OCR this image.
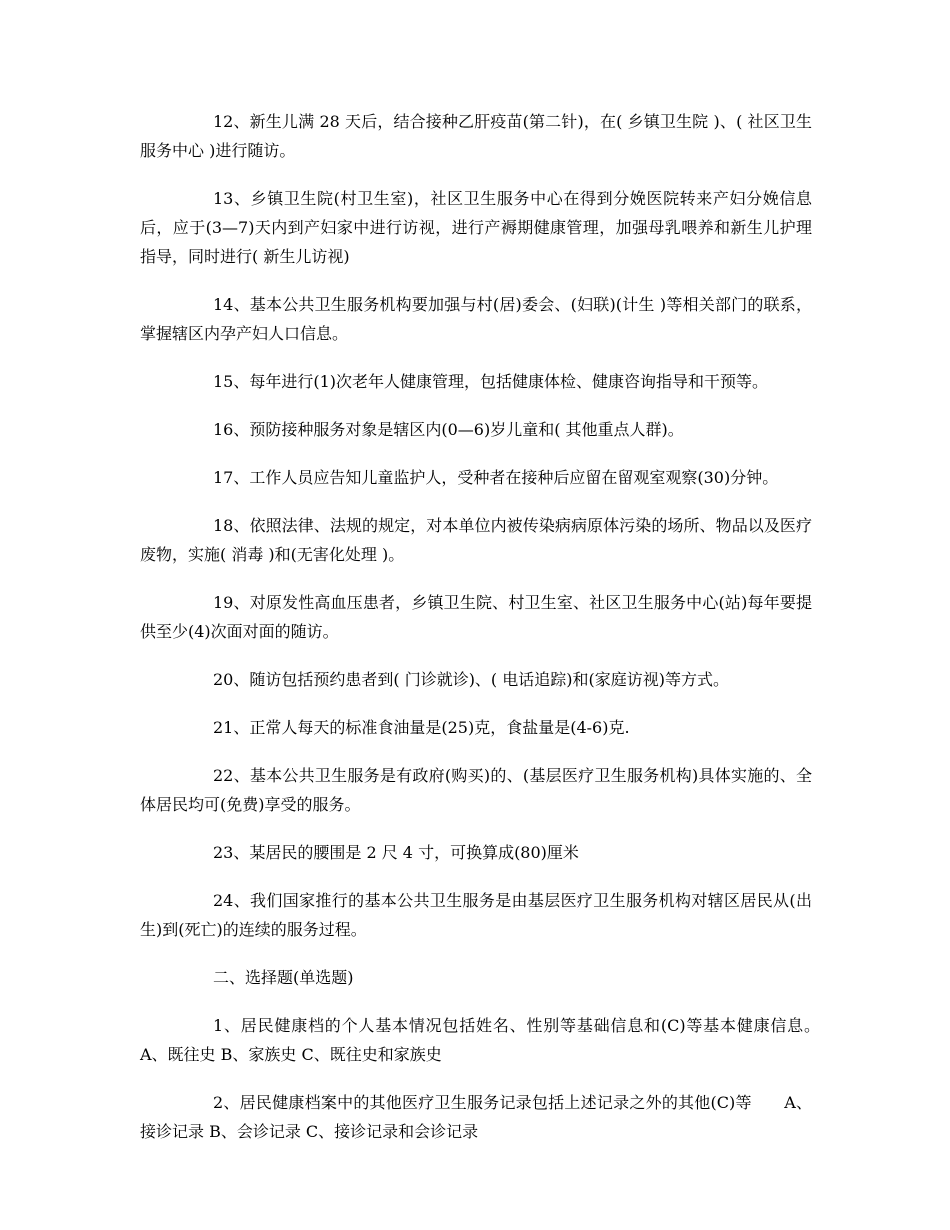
12、新生儿满 28 天后，结合接种乙肝疫苗(第二针)，在( 乡镇卫生院 )、( 社区卫生服务中心 )进行随访。

13、乡镇卫生院(村卫生室)，社区卫生服务中心在得到分娩医院转来产妇分娩信息后，应于(3—7)天内到产妇家中进行访视，进行产褥期健康管理，加强母乳喂养和新生儿护理指导，同时进行( 新生儿访视)

14、基本公共卫生服务机构要加强与村(居)委会、(妇联)(计生 )等相关部门的联系，掌握辖区内孕产妇人口信息。

15、每年进行(1)次老年人健康管理，包括健康体检、健康咨询指导和干预等。

16、预防接种服务对象是辖区内(0—6)岁儿童和( 其他重点人群)。

17、工作人员应告知儿童监护人，受种者在接种后应留在留观室观察(30)分钟。

18、依照法律、法规的规定，对本单位内被传染病病原体污染的场所、物品以及医疗废物，实施( 消毒 )和(无害化处理 )。

19、对原发性高血压患者，乡镇卫生院、村卫生室、社区卫生服务中心(站)每年要提供至少(4)次面对面的随访。

20、随访包括预约患者到( 门诊就诊)、( 电话追踪)和(家庭访视)等方式。

21、正常人每天的标准食油量是(25)克，食盐量是(4-6)克.

22、基本公共卫生服务是有政府(购买)的、(基层医疗卫生服务机构)具体实施的、全体居民均可(免费)享受的服务。

23、某居民的腰围是 2 尺 4 寸，可换算成(80)厘米

24、我们国家推行的基本公共卫生服务是由基层医疗卫生服务机构对辖区居民从(出生)到(死亡)的连续的服务过程。

二、选择题(单选题)

1、居民健康档的个人基本情况包括姓名、性别等基础信息和(C)等基本健康信息。　　A、既往史 B、家族史 C、既往史和家族史

2、居民健康档案中的其他医疗卫生服务记录包括上述记录之外的其他(C)等　　A、接诊记录 B、会诊记录 C、接诊记录和会诊记录
